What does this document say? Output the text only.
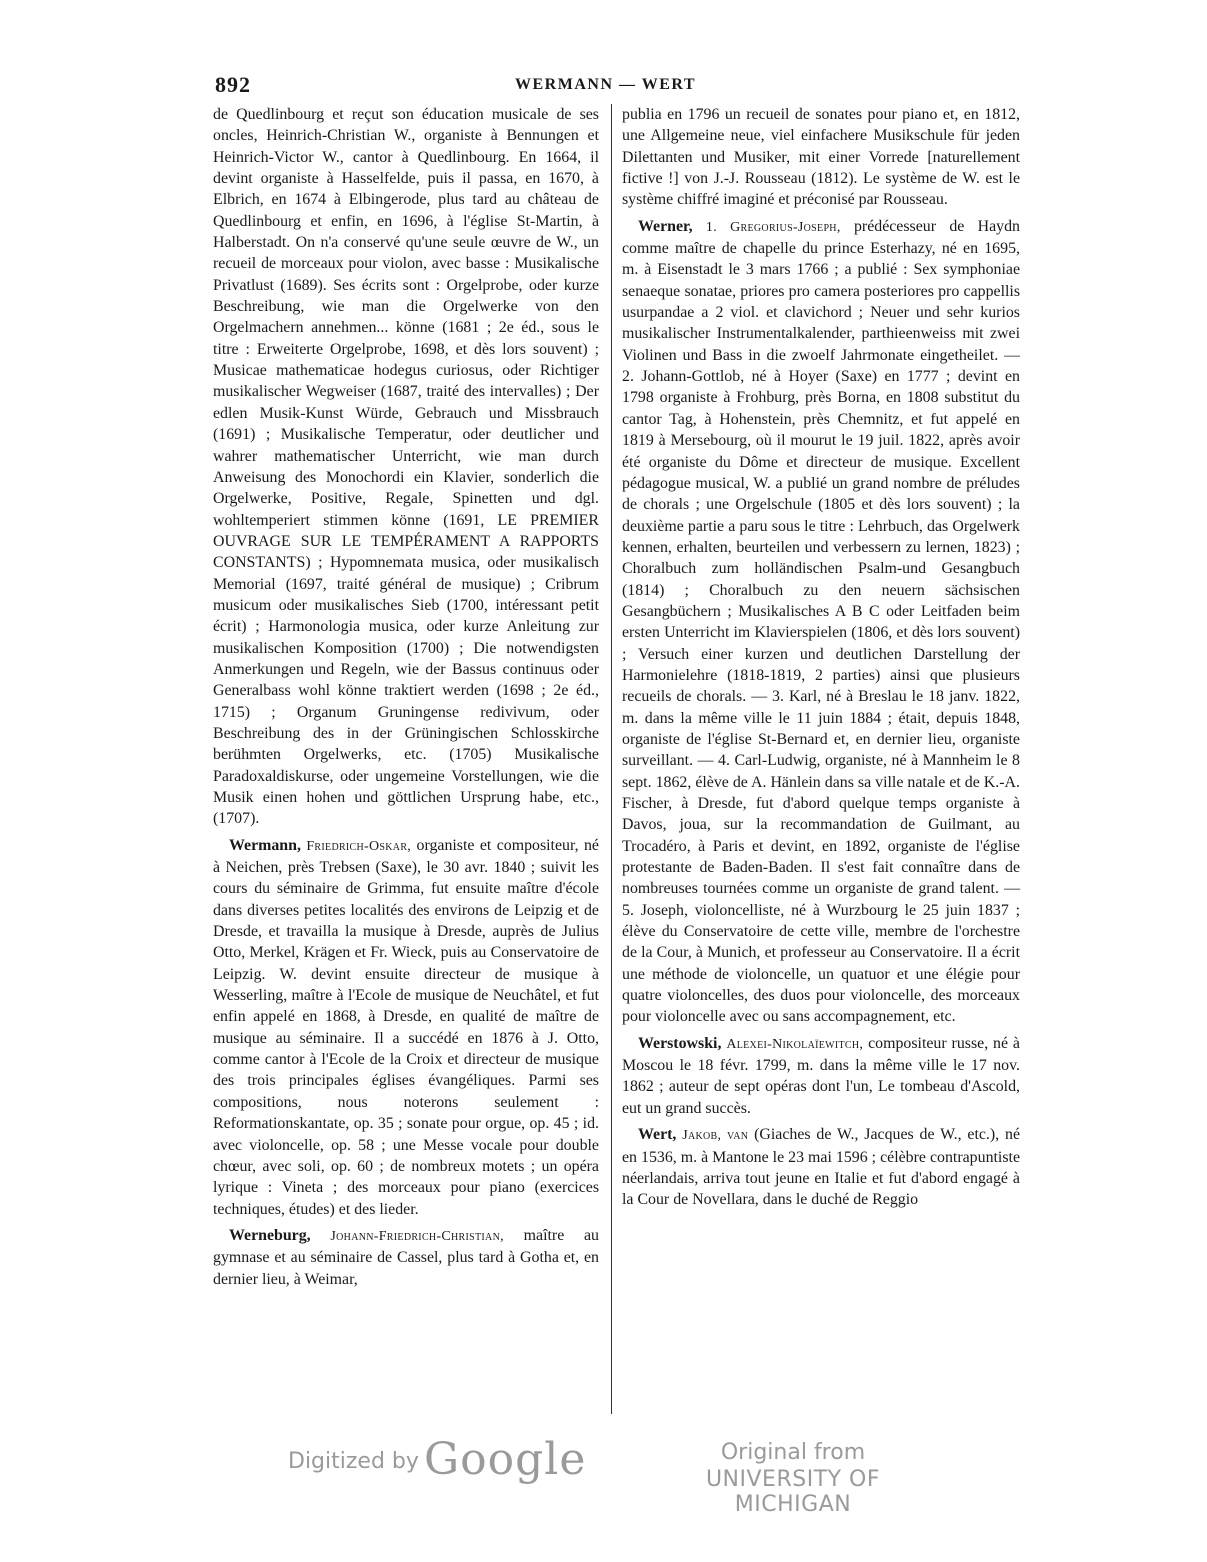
892	WERMANN — WERT

de Quedlinbourg et reçut son éducation musicale de ses oncles, Heinrich-Christian W., organiste à Bennungen et Heinrich-Victor W., cantor à Quedlinbourg. En 1664, il devint organiste à Hasselfelde, puis il passa, en 1670, à Elbrich, en 1674 à Elbingerode, plus tard au château de Quedlinbourg et enfin, en 1696, à l'église St-Martin, à Halberstadt. On n'a conservé qu'une seule œuvre de W., un recueil de morceaux pour violon, avec basse : Musikalische Privatlust (1689). Ses écrits sont : Orgelprobe, oder kurze Beschreibung, wie man die Orgelwerke von den Orgelmachern annehmen... könne (1681 ; 2e éd., sous le titre : Erweiterte Orgelprobe, 1698, et dès lors souvent) ; Musicae mathematicae hodegus curiosus, oder Richtiger musikalischer Wegweiser (1687, traité des intervalles) ; Der edlen Musik-Kunst Würde, Gebrauch und Missbrauch (1691) ; Musikalische Temperatur, oder deutlicher und wahrer mathematischer Unterricht, wie man durch Anweisung des Monochordi ein Klavier, sonderlich die Orgelwerke, Positive, Regale, Spinetten und dgl. wohltemperiert stimmen könne (1691, LE PREMIER OUVRAGE SUR LE TEMPÉRAMENT A RAPPORTS CONSTANTS) ; Hypomnemata musica, oder musikalisch Memorial (1697, traité général de musique) ; Cribrum musicum oder musikalisches Sieb (1700, intéressant petit écrit) ; Harmonologia musica, oder kurze Anleitung zur musikalischen Komposition (1700) ; Die notwendigsten Anmerkungen und Regeln, wie der Bassus continuus oder Generalbass wohl könne traktiert werden (1698 ; 2e éd., 1715) ; Organum Gruningense redivivum, oder Beschreibung des in der Grüningischen Schlosskirche berühmten Orgelwerks, etc. (1705) Musikalische Paradoxaldiskurse, oder ungemeine Vorstellungen, wie die Musik einen hohen und göttlichen Ursprung habe, etc., (1707).

Wermann, Friedrich-Oskar, organiste et compositeur, né à Neichen, près Trebsen (Saxe), le 30 avr. 1840 ; suivit les cours du séminaire de Grimma, fut ensuite maître d'école dans diverses petites localités des environs de Leipzig et de Dresde, et travailla la musique à Dresde, auprès de Julius Otto, Merkel, Krägen et Fr. Wieck, puis au Conservatoire de Leipzig. W. devint ensuite directeur de musique à Wesserling, maître à l'Ecole de musique de Neuchâtel, et fut enfin appelé en 1868, à Dresde, en qualité de maître de musique au séminaire. Il a succédé en 1876 à J. Otto, comme cantor à l'Ecole de la Croix et directeur de musique des trois principales églises évangéliques. Parmi ses compositions, nous noterons seulement : Reformationskantate, op. 35 ; sonate pour orgue, op. 45 ; id. avec violoncelle, op. 58 ; une Messe vocale pour double chœur, avec soli, op. 60 ; de nombreux motets ; un opéra lyrique : Vineta ; des morceaux pour piano (exercices techniques, études) et des lieder.

Werneburg, Johann-Friedrich-Christian, maître au gymnase et au séminaire de Cassel, plus tard à Gotha et, en dernier lieu, à Weimar,

publia en 1796 un recueil de sonates pour piano et, en 1812, une Allgemeine neue, viel einfachere Musikschule für jeden Dilettanten und Musiker, mit einer Vorrede [naturellement fictive !] von J.-J. Rousseau (1812). Le système de W. est le système chiffré imaginé et préconisé par Rousseau.

Werner, 1. Gregorius-Joseph, prédécesseur de Haydn comme maître de chapelle du prince Esterhazy, né en 1695, m. à Eisenstadt le 3 mars 1766 ; a publié : Sex symphoniae senaeque sonatae, priores pro camera posteriores pro cappellis usurpandae a 2 viol. et clavichord ; Neuer und sehr kurios musikalischer Instrumentalkalender, parthieenweiss mit zwei Violinen und Bass in die zwoelf Jahrmonate eingetheilet. — 2. Johann-Gottlob, né à Hoyer (Saxe) en 1777 ; devint en 1798 organiste à Frohburg, près Borna, en 1808 substitut du cantor Tag, à Hohenstein, près Chemnitz, et fut appelé en 1819 à Mersebourg, où il mourut le 19 juil. 1822, après avoir été organiste du Dôme et directeur de musique. Excellent pédagogue musical, W. a publié un grand nombre de préludes de chorals ; une Orgelschule (1805 et dès lors souvent) ; la deuxième partie a paru sous le titre : Lehrbuch, das Orgelwerk kennen, erhalten, beurteilen und verbessern zu lernen, 1823) ; Choralbuch zum holländischen Psalm-und Gesangbuch (1814) ; Choralbuch zu den neuern sächsischen Gesangbüchern ; Musikalisches A B C oder Leitfaden beim ersten Unterricht im Klavierspielen (1806, et dès lors souvent) ; Versuch einer kurzen und deutlichen Darstellung der Harmonielehre (1818-1819, 2 parties) ainsi que plusieurs recueils de chorals. — 3. Karl, né à Breslau le 18 janv. 1822, m. dans la même ville le 11 juin 1884 ; était, depuis 1848, organiste de l'église St-Bernard et, en dernier lieu, organiste surveillant. — 4. Carl-Ludwig, organiste, né à Mannheim le 8 sept. 1862, élève de A. Hänlein dans sa ville natale et de K.-A. Fischer, à Dresde, fut d'abord quelque temps organiste à Davos, joua, sur la recommandation de Guilmant, au Trocadéro, à Paris et devint, en 1892, organiste de l'église protestante de Baden-Baden. Il s'est fait connaître dans de nombreuses tournées comme un organiste de grand talent. — 5. Joseph, violoncelliste, né à Wurzbourg le 25 juin 1837 ; élève du Conservatoire de cette ville, membre de l'orchestre de la Cour, à Munich, et professeur au Conservatoire. Il a écrit une méthode de violoncelle, un quatuor et une élégie pour quatre violoncelles, des duos pour violoncelle, des morceaux pour violoncelle avec ou sans accompagnement, etc.

Werstowski, Alexei-Nikolaïewitch, compositeur russe, né à Moscou le 18 févr. 1799, m. dans la même ville le 17 nov. 1862 ; auteur de sept opéras dont l'un, Le tombeau d'Ascold, eut un grand succès.

Wert, Jakob, van (Giaches de W., Jacques de W., etc.), né en 1536, m. à Mantone le 23 mai 1596 ; célèbre contrapuntiste néerlandais, arriva tout jeune en Italie et fut d'abord engagé à la Cour de Novellara, dans le duché de Reggio

Digitized by Google	Original from
UNIVERSITY OF MICHIGAN
